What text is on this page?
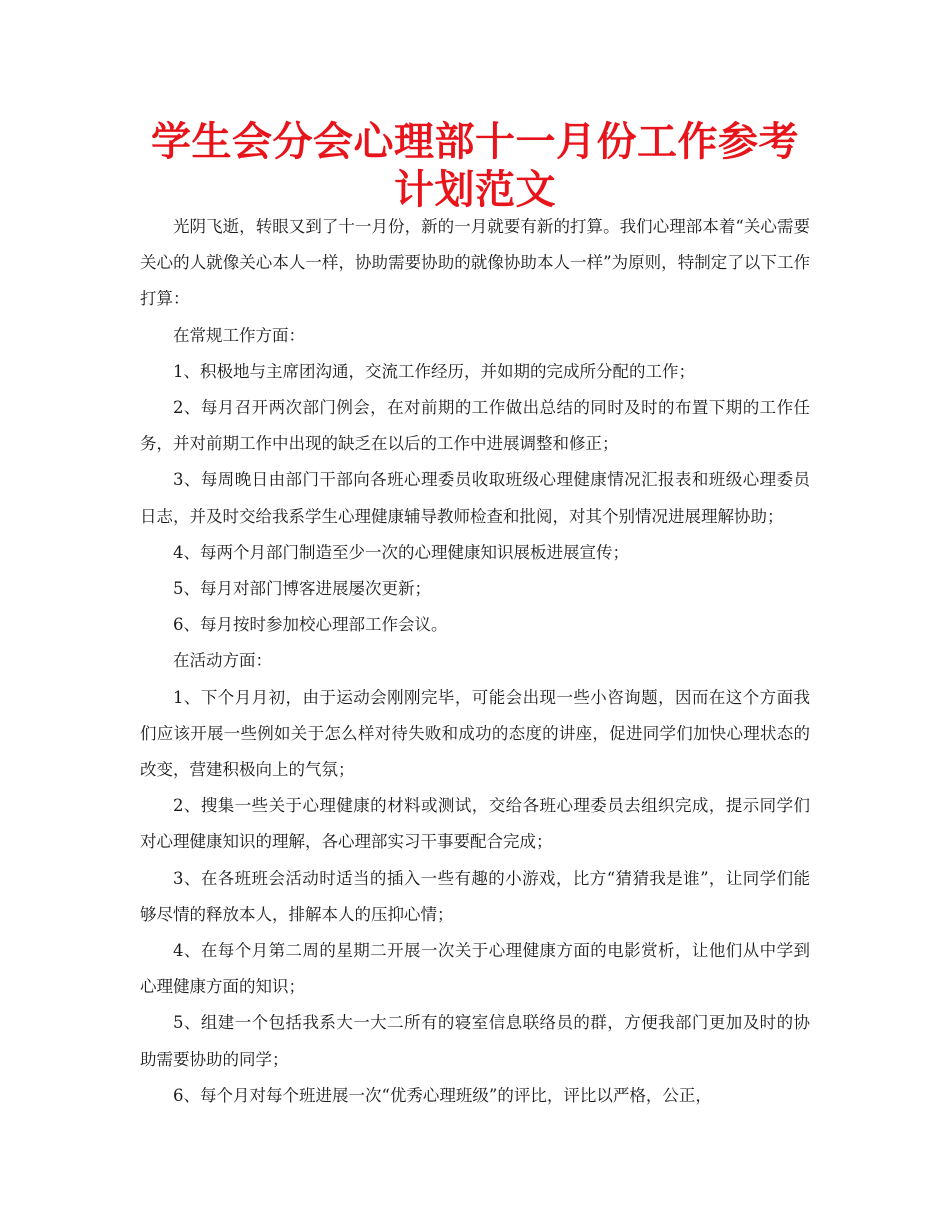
学生会分会心理部十一月份工作参考计划范文

光阴飞逝，转眼又到了十一月份，新的一月就要有新的打算。我们心理部本着“关心需要关心的人就像关心本人一样，协助需要协助的就像协助本人一样”为原则，特制定了以下工作打算：

在常规工作方面：

1、积极地与主席团沟通，交流工作经历，并如期的完成所分配的工作；

2、每月召开两次部门例会，在对前期的工作做出总结的同时及时的布置下期的工作任务，并对前期工作中出现的缺乏在以后的工作中进展调整和修正；

3、每周晚日由部门干部向各班心理委员收取班级心理健康情况汇报表和班级心理委员日志，并及时交给我系学生心理健康辅导教师检查和批阅，对其个别情况进展理解协助；

4、每两个月部门制造至少一次的心理健康知识展板进展宣传；

5、每月对部门博客进展屡次更新；

6、每月按时参加校心理部工作会议。

在活动方面：

1、下个月月初，由于运动会刚刚完毕，可能会出现一些小咨询题，因而在这个方面我们应该开展一些例如关于怎么样对待失败和成功的态度的讲座，促进同学们加快心理状态的改变，营建积极向上的气氛；

2、搜集一些关于心理健康的材料或测试，交给各班心理委员去组织完成，提示同学们对心理健康知识的理解，各心理部实习干事要配合完成；

3、在各班班会活动时适当的插入一些有趣的小游戏，比方“猜猜我是谁”，让同学们能够尽情的释放本人，排解本人的压抑心情；

4、在每个月第二周的星期二开展一次关于心理健康方面的电影赏析，让他们从中学到心理健康方面的知识；

5、组建一个包括我系大一大二所有的寝室信息联络员的群，方便我部门更加及时的协助需要协助的同学；

6、每个月对每个班进展一次“优秀心理班级”的评比，评比以严格，公正，
